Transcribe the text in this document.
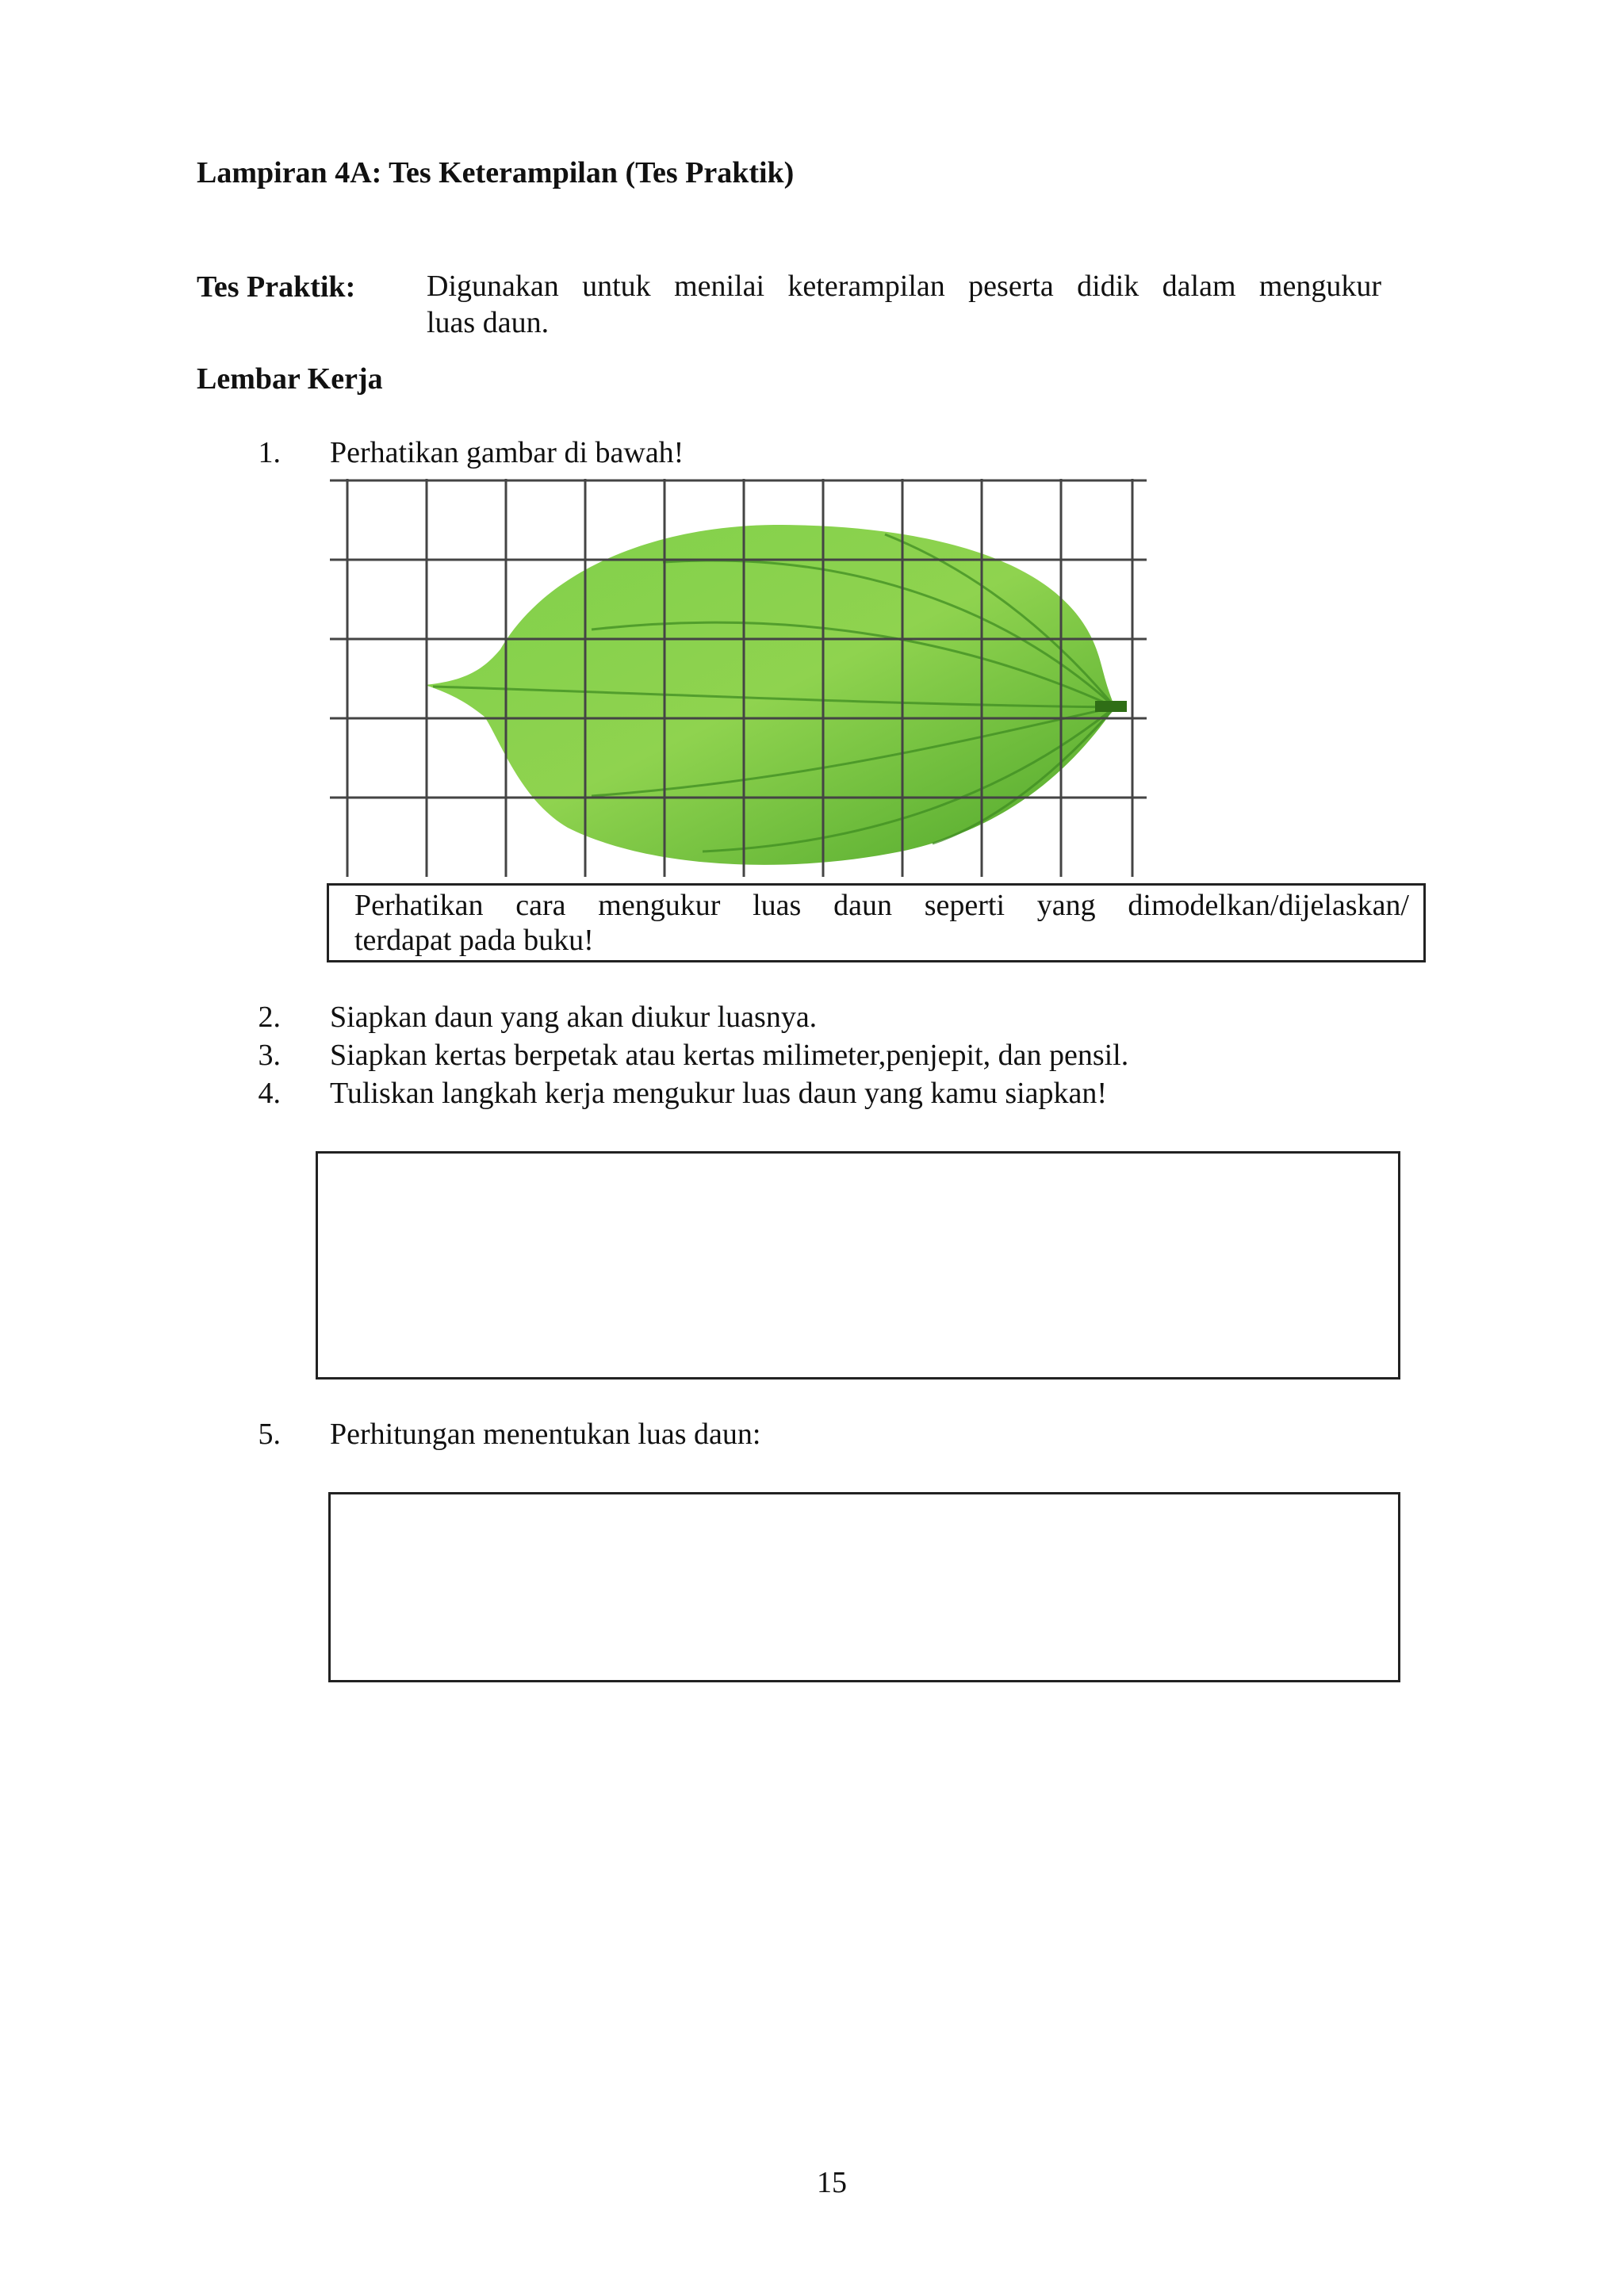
Lampiran 4A: Tes Keterampilan (Tes Praktik)
Tes Praktik: Digunakan untuk menilai keterampilan peserta didik dalam mengukur
luas daun.
Lembar Kerja
1. Perhatikan gambar di bawah!
Perhatikan cara mengukur luas daun seperti yang dimodelkan/dijelaskan/
terdapat pada buku!
2. Siapkan daun yang akan diukur luasnya.
3. Siapkan kertas berpetak atau kertas milimeter,penjepit, dan pensil.
4. Tuliskan langkah kerja mengukur luas daun yang kamu siapkan!
5. Perhitungan menentukan luas daun:
15
